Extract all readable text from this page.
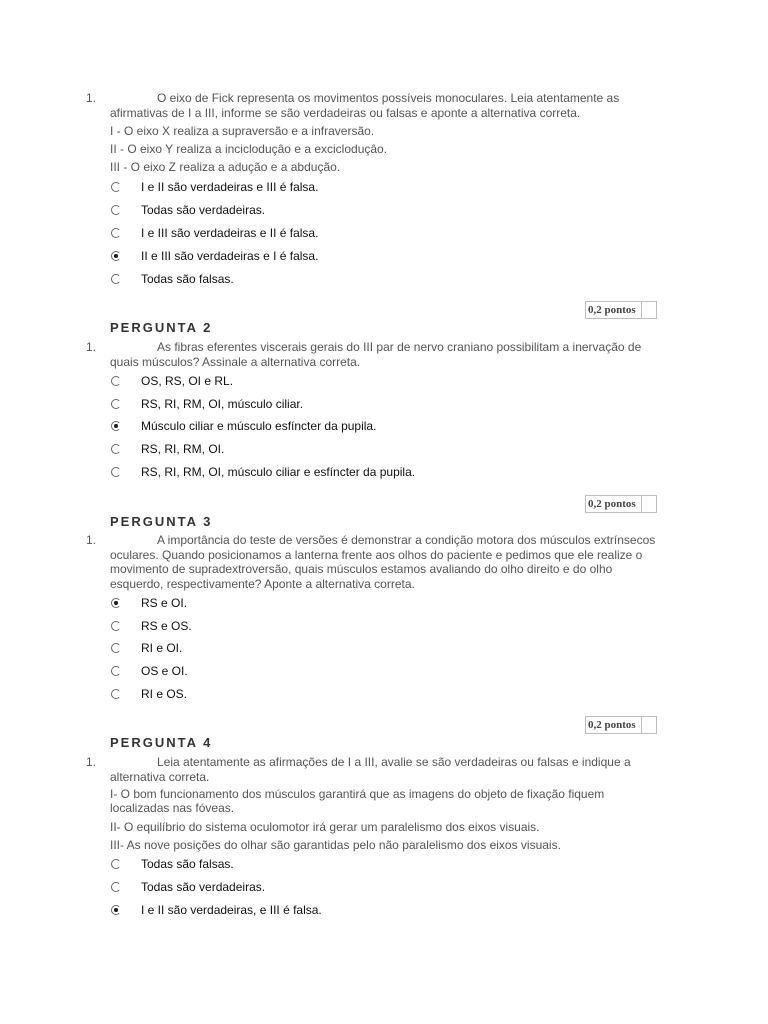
1.	O eixo de Fick representa os movimentos possíveis monoculares. Leia atentamente as afirmativas de I a III, informe se são verdadeiras ou falsas e aponte a alternativa correta.

I - O eixo X realiza a supraversão e a infraversão.

II - O eixo Y realiza a incicloduçâo e a excicloduçâo.

III - O eixo Z realiza a adução e a abdução.

I e II são verdadeiras e III é falsa.
Todas são verdadeiras.
I e III são verdadeiras e II é falsa.
II e III são verdadeiras e I é falsa.
Todas são falsas.
0,2 pontos
PERGUNTA 2
1.	As fibras eferentes viscerais gerais do III par de nervo craniano possibilitam a inervação de quais músculos? Assinale a alternativa correta.

OS, RS, OI e RL.
RS, RI, RM, OI, músculo ciliar.
Músculo ciliar e músculo esfíncter da pupila.
RS, RI, RM, OI.
RS, RI, RM, OI, músculo ciliar e esfíncter da pupila.
0,2 pontos
PERGUNTA 3
1.	A importância do teste de versões é demonstrar a condição motora dos músculos extrínsecos oculares. Quando posicionamos a lanterna frente aos olhos do paciente e pedimos que ele realize o movimento de supradextroversão, quais músculos estamos avaliando do olho direito e do olho esquerdo, respectivamente? Aponte a alternativa correta.

RS e OI.
RS e OS.
RI e OI.
OS e OI.
RI e OS.
0,2 pontos
PERGUNTA 4
1.	Leia atentamente as afirmações de I a III, avalie se são verdadeiras ou falsas e indique a alternativa correta.

I- O bom funcionamento dos músculos garantirá que as imagens do objeto de fixação fiquem localizadas nas fóveas.

II- O equilíbrio do sistema oculomotor irá gerar um paralelismo dos eixos visuais.

III- As nove posições do olhar são garantidas pelo não paralelismo dos eixos visuais.

Todas são falsas.
Todas são verdadeiras.
I e II são verdadeiras, e III é falsa.
